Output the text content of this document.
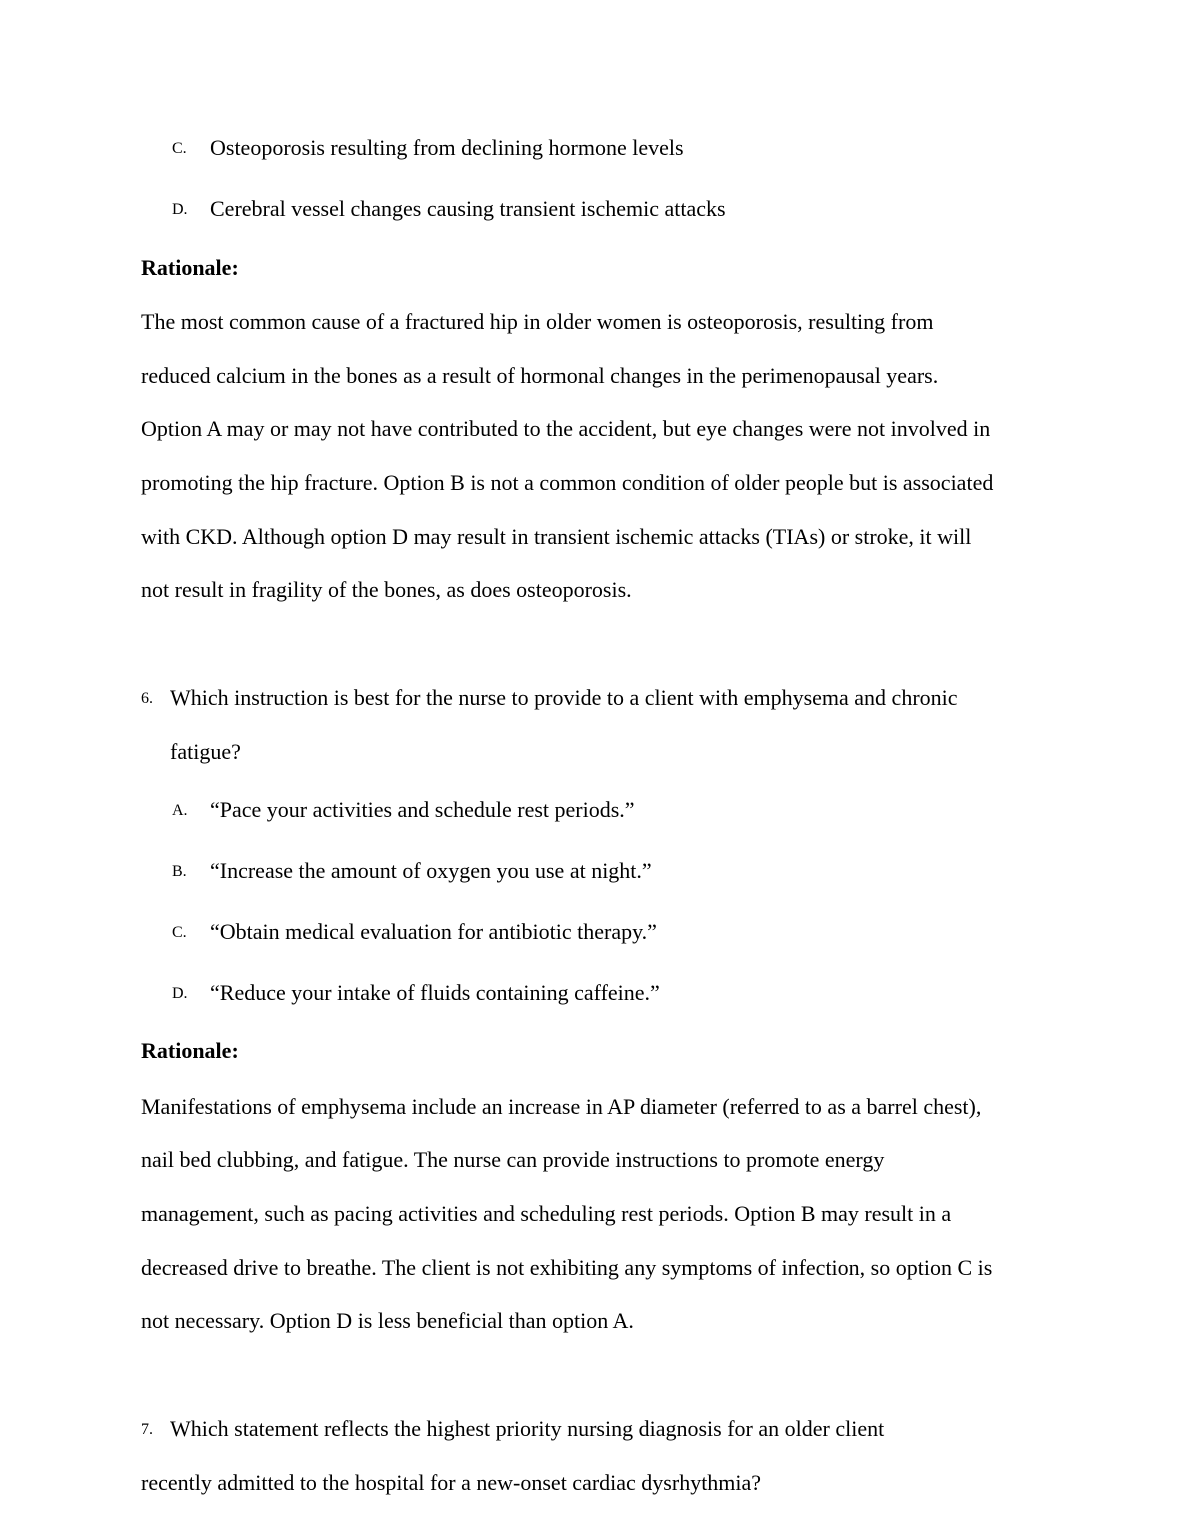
C. Osteoporosis resulting from declining hormone levels
D. Cerebral vessel changes causing transient ischemic attacks
Rationale:
The most common cause of a fractured hip in older women is osteoporosis, resulting from
reduced calcium in the bones as a result of hormonal changes in the perimenopausal years.
Option A may or may not have contributed to the accident, but eye changes were not involved in
promoting the hip fracture. Option B is not a common condition of older people but is associated
with CKD. Although option D may result in transient ischemic attacks (TIAs) or stroke, it will
not result in fragility of the bones, as does osteoporosis.
6. Which instruction is best for the nurse to provide to a client with emphysema and chronic
fatigue?
A. “Pace your activities and schedule rest periods.”
B. “Increase the amount of oxygen you use at night.”
C. “Obtain medical evaluation for antibiotic therapy.”
D. “Reduce your intake of fluids containing caffeine.”
Rationale:
Manifestations of emphysema include an increase in AP diameter (referred to as a barrel chest),
nail bed clubbing, and fatigue. The nurse can provide instructions to promote energy
management, such as pacing activities and scheduling rest periods. Option B may result in a
decreased drive to breathe. The client is not exhibiting any symptoms of infection, so option C is
not necessary. Option D is less beneficial than option A.
7. Which statement reflects the highest priority nursing diagnosis for an older client
recently admitted to the hospital for a new-onset cardiac dysrhythmia?
